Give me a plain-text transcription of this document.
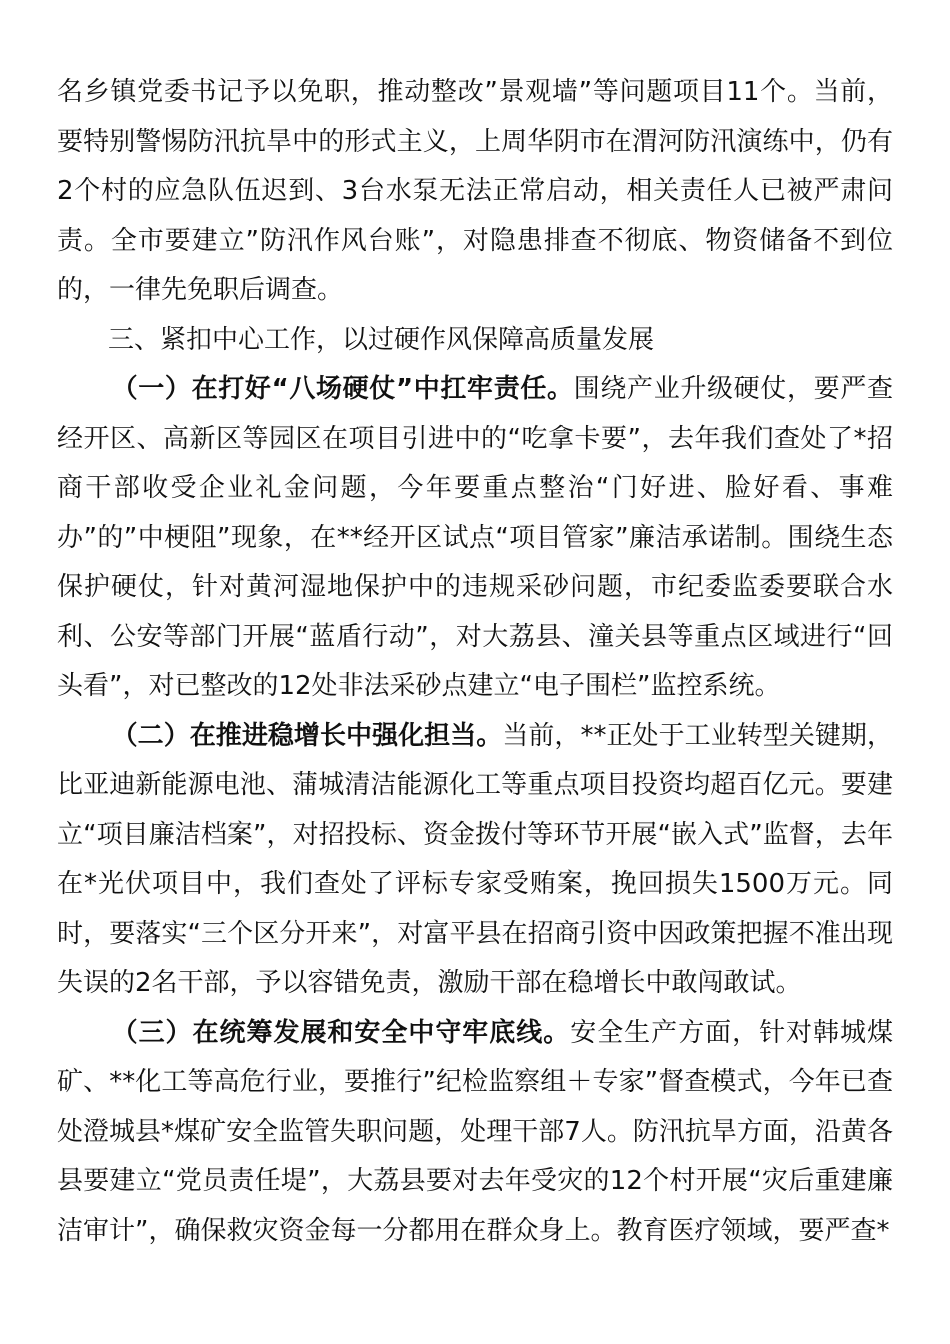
名乡镇党委书记予以免职，推动整改”景观墙”等问题项目11个。当前，要特别警惕防汛抗旱中的形式主义，上周华阴市在渭河防汛演练中，仍有2个村的应急队伍迟到、3台水泵无法正常启动，相关责任人已被严肃问责。全市要建立”防汛作风台账”，对隐患排查不彻底、物资储备不到位的，一律先免职后调查。

三、紧扣中心工作，以过硬作风保障高质量发展

（一）在打好“八场硬仗”中扛牢责任。围绕产业升级硬仗，要严查经开区、高新区等园区在项目引进中的“吃拿卡要”，去年我们查处了*招商干部收受企业礼金问题，今年要重点整治“门好进、脸好看、事难办”的”中梗阻”现象，在**经开区试点“项目管家”廉洁承诺制。围绕生态保护硬仗，针对黄河湿地保护中的违规采砂问题，市纪委监委要联合水利、公安等部门开展“蓝盾行动”，对大荔县、潼关县等重点区域进行“回头看”，对已整改的12处非法采砂点建立“电子围栏”监控系统。

（二）在推进稳增长中强化担当。当前，**正处于工业转型关键期，比亚迪新能源电池、蒲城清洁能源化工等重点项目投资均超百亿元。要建立“项目廉洁档案”，对招投标、资金拨付等环节开展“嵌入式”监督，去年在*光伏项目中，我们查处了评标专家受贿案，挽回损失1500万元。同时，要落实“三个区分开来”，对富平县在招商引资中因政策把握不准出现失误的2名干部，予以容错免责，激励干部在稳增长中敢闯敢试。

（三）在统筹发展和安全中守牢底线。安全生产方面，针对韩城煤矿、**化工等高危行业，要推行”纪检监察组＋专家”督查模式，今年已查处澄城县*煤矿安全监管失职问题，处理干部7人。防汛抗旱方面，沿黄各县要建立“党员责任堤”，大荔县要对去年受灾的12个村开展“灾后重建廉洁审计”，确保救灾资金每一分都用在群众身上。教育医疗领域，要严查*
